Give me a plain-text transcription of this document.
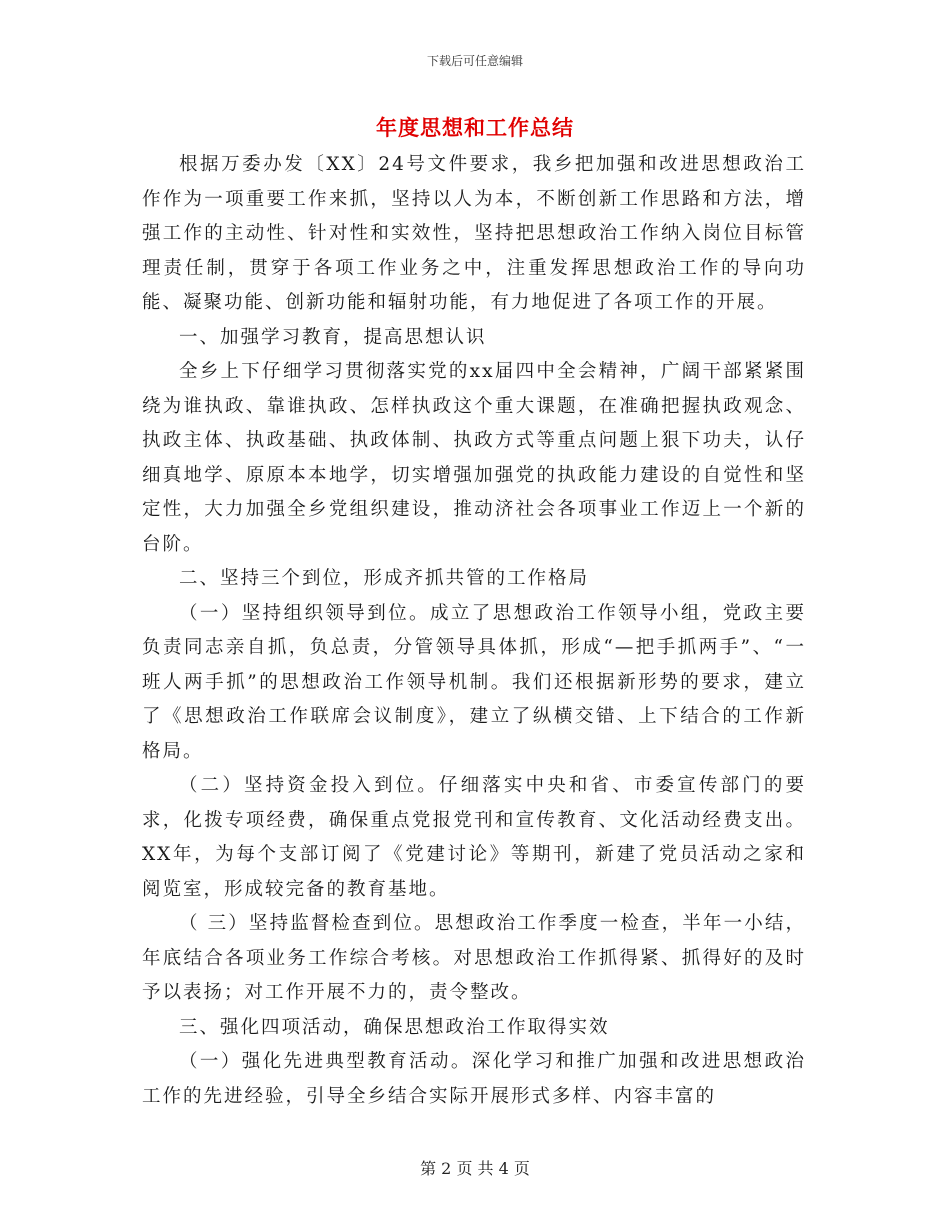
下载后可任意编辑
年度思想和工作总结

根据万委办发〔XX〕24号文件要求，我乡把加强和改进思想政治工作作为一项重要工作来抓，坚持以人为本，不断创新工作思路和方法，增强工作的主动性、针对性和实效性，坚持把思想政治工作纳入岗位目标管理责任制，贯穿于各项工作业务之中，注重发挥思想政治工作的导向功能、凝聚功能、创新功能和辐射功能，有力地促进了各项工作的开展。

一、加强学习教育，提高思想认识

全乡上下仔细学习贯彻落实党的xx届四中全会精神，广阔干部紧紧围绕为谁执政、靠谁执政、怎样执政这个重大课题，在准确把握执政观念、执政主体、执政基础、执政体制、执政方式等重点问题上狠下功夫，认仔细真地学、原原本本地学，切实增强加强党的执政能力建设的自觉性和坚定性，大力加强全乡党组织建设，推动济社会各项事业工作迈上一个新的台阶。

二、坚持三个到位，形成齐抓共管的工作格局

（一）坚持组织领导到位。成立了思想政治工作领导小组，党政主要负责同志亲自抓，负总责，分管领导具体抓，形成“—把手抓两手”、“一班人两手抓”的思想政治工作领导机制。我们还根据新形势的要求，建立了《思想政治工作联席会议制度》，建立了纵横交错、上下结合的工作新格局。

（二）坚持资金投入到位。仔细落实中央和省、市委宣传部门的要求，化拨专项经费，确保重点党报党刊和宣传教育、文化活动经费支出。XX年，为每个支部订阅了《党建讨论》等期刊，新建了党员活动之家和阅览室，形成较完备的教育基地。

（ 三）坚持监督检查到位。思想政治工作季度一检查，半年一小结，年底结合各项业务工作综合考核。对思想政治工作抓得紧、抓得好的及时予以表扬；对工作开展不力的，责令整改。

三、强化四项活动，确保思想政治工作取得实效

（一）强化先进典型教育活动。深化学习和推广加强和改进思想政治工作的先进经验，引导全乡结合实际开展形式多样、内容丰富的

第 2 页 共 4 页
